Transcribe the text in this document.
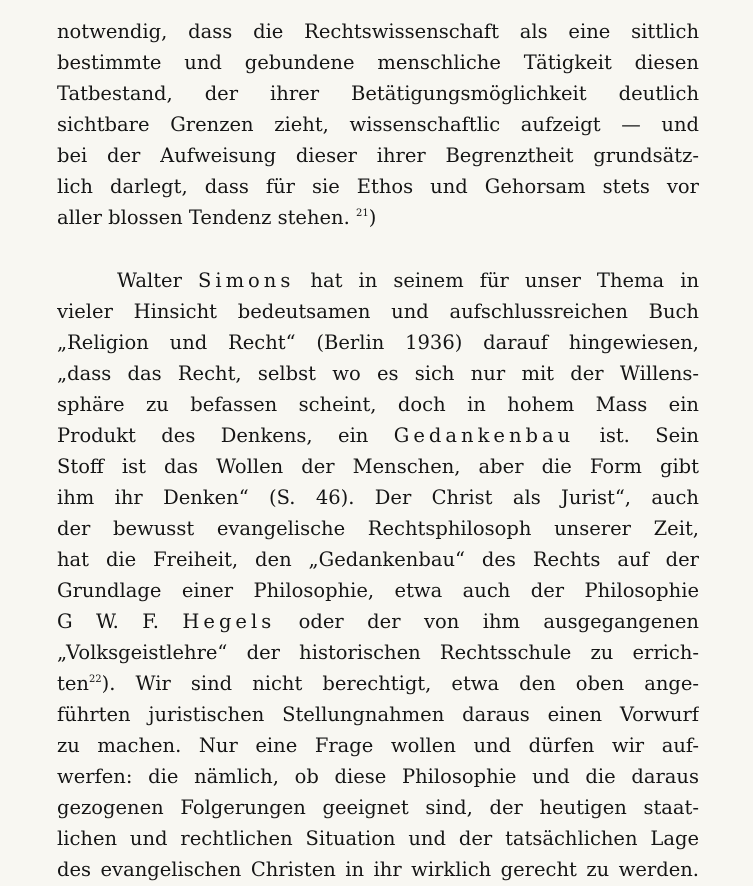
notwendig, dass die Rechtswissenschaft als eine sittlich
bestimmte und gebundene menschliche Tätigkeit diesen
Tatbestand, der ihrer Betätigungsmöglichkeit deutlich
sichtbare Grenzen zieht, wissenschaftlic aufzeigt — und
bei der Aufweisung dieser ihrer Begrenztheit grundsätz-
lich darlegt, dass für sie Ethos und Gehorsam stets vor
aller blossen Tendenz stehen. $^{21}$)
Walter Simons hat in seinem für unser Thema in
vieler Hinsicht bedeutsamen und aufschlussreichen Buch
„Religion und Recht“ (Berlin 1936) darauf hingewiesen,
„dass das Recht, selbst wo es sich nur mit der Willens-
sphäre zu befassen scheint, doch in hohem Mass ein
Produkt des Denkens, ein Gedankenbau ist. Sein
Stoff ist das Wollen der Menschen, aber die Form gibt
ihm ihr Denken“ (S. 46). Der Christ als Jurist“, auch
der bewusst evangelische Rechtsphilosoph unserer Zeit,
hat die Freiheit, den „Gedankenbau“ des Rechts auf der
Grundlage einer Philosophie, etwa auch der Philosophie
G W. F. Hegels oder der von ihm ausgegangenen
„Volksgeistlehre“ der historischen Rechtsschule zu errich-
ten$^{22}$). Wir sind nicht berechtigt, etwa den oben ange-
führten juristischen Stellungnahmen daraus einen Vorwurf
zu machen. Nur eine Frage wollen und dürfen wir auf-
werfen: die nämlich, ob diese Philosophie und die daraus
gezogenen Folgerungen geeignet sind, der heutigen staat-
lichen und rechtlichen Situation und der tatsächlichen Lage
des evangelischen Christen in ihr wirklich gerecht zu werden.
